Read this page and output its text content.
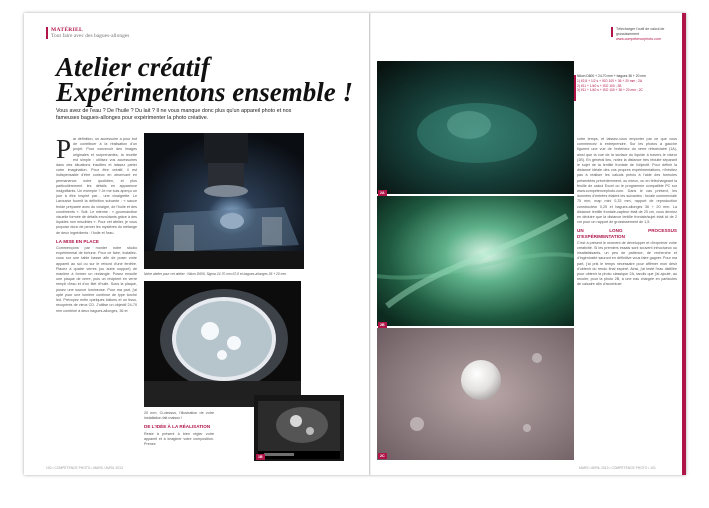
MATÉRIEL
Tout faire avec des bagues-allonges
Télécharger l'outil de calcul de grossissement
www.competencephoto.com
Atelier créatif
Expérimentons ensemble !
Vous avez de l'eau ? De l'huile ? Du lait ? Il ne vous manque donc plus qu'un appareil photo et nos fameuses bagues-allonges pour expérimenter la photo créative.
P ar définition, un accessoire a pour but de contribuer à la réalisation d'un projet. Pour concevoir des images originales et surprenantes, la recette est simple : utilisez vos accessoires dans des situations insolites et laissez parler votre imagination. Pour être créatif, il est indispensable d'être curieux en observant en permanence notre quotidien, et plus particulièrement les détails en apparence insignifiants. Un exemple ? Je me suis aperçu un jour à être inspiré par… une vinaigrette. Le Larousse fournit la définition suivante : « sauce froide préparée avec du vinaigre, de l'huile et des condiments ». Soit. Le mienne : « gourmandise visuelle formée de détails envoûtants grâce à des liquides non miscibles ». Pour cet atelier, je vous propose donc de percer les mystères du mélange de deux ingrédients : l'huile et l'eau.

LA MISE EN PLACE

Commençons par monter notre studio expérimental de fortune. Pour ce faire, installez-vous sur une table basse afin de poser votre appareil au sol ou sur le rebord d'une fenêtre. Placez à quatre verres (ou autre support) de manière à former un rectangle. Posez ensuite une plaque de verre, puis un récipient en verre rempli d'eau et d'un filet d'huile. Sous la plaque, posez une source lumineuse. Pour ma part, j'ai opté pour une lumière continue de type torche led. Prévoyez enfin quelques bâtons et un tissu, récupérés de vieux CD. J'utilise un objectif 24-70 mm combiné à deux bagues-allonges, 36 et

Notre atelier pour cet atelier : Nikon D600, Sigma 24-70 mm f/2,8 et bagues-allonges 36 + 20 mm.

20 mm. Ci-dessus, l'illustration de votre installation fait maison !

DE L'IDÉE À LA RÉALISATION

Reste à présent à bien régler votre appareil et à imaginer votre composition. Prenez

1B
2A
2B
2C
Nikon D600 + 24-70 mm + bagues 36 + 20 mm
1) f/2,8 + 1/2 s + ISO 100 + 36 + 20 mm ; 2A
2) f/11 + 1/40 s + ISO 100 ; 2B
3) f/11 + 1/40 s + ISO 100 + 36 + 20 mm ; 2C

votre temps, et laissez-vous emporter par ce que vous commencez à entreprendre. Sur les photos à gauche figurent une vue de l'extérieur du verre rétroéclairé (1A), ainsi que la vue de la surface du liquide à travers le viseur (1B). En général lieu, notez la distance très réduite séparant le sujet de la lentille frontale de l'objectif. Pour définir la distance idéale des vos propres expérimentations, n'hésitez pas à réaliser les calculs précis à l'aide des formules présentées précédemment, ou mieux, ou en téléchargeant la feuille de calcul Excel ou le programme compatible PC sur www.competencephoto.com. Dans le cas présent, les données d'entrées étaient les suivantes : focale commerciale 75 mm, map mini 0,33 mm, rapport de reproduction constructeur 0,25 et bagues-allonges 36 + 20 mm. La distance lentille frontale-capteur était de 20 cm, vous devriez en déduire que la distance lentille frontale/sujet était ici de 2 cm pour un rapport de grossissement de 1,5.

UN LONG PROCESSUS D'EXPÉRIMENTATION

C'est à présent le moment de développer et d'exprimer votre créativité. Si les premiers essais sont souvent infructueux ou insatisfaisants, un peu de patience, de recherche et d'ingéniosité sauront en définitive vous faire gagner. Pour ma part, j'ai pris le temps nécessaire pour affirmer mon désir d'obtenir du rendu final espéré. Ainsi, j'ai testé l'eau distillée pour obtenir la photo classique 2A, tandis que j'ai ajouté, au reculer, pour la photo 2B, à une eau chargée en particules de calcaire afin d'accentuer

100 • COMPÉTENCE PHOTO • MARS / AVRIL 2013	MARS / AVRIL 2013 • COMPÉTENCE PHOTO • 101
